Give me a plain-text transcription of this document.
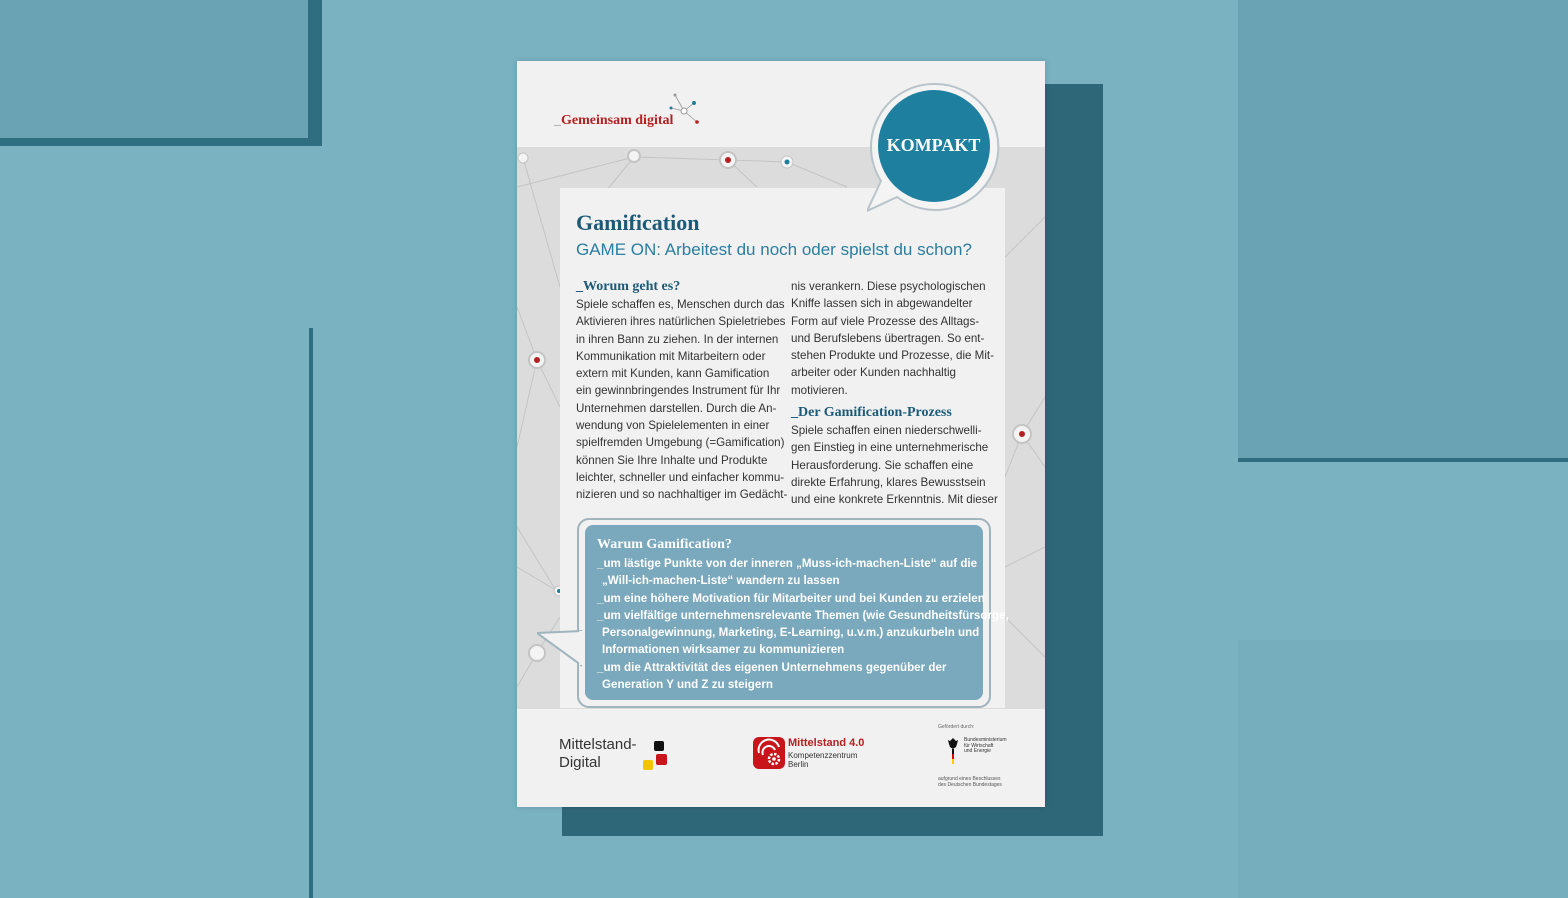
_Gemeinsam digital
Gamification

GAME ON: Arbeitest du noch oder spielst du schon?

_Worum geht es?

Spiele schaffen es, Menschen durch das
Aktivieren ihres natürlichen Spieletriebes
in ihren Bann zu ziehen. In der internen
Kommunikation mit Mitarbeitern oder
extern mit Kunden, kann Gamification
ein gewinnbringendes Instrument für Ihr
Unternehmen darstellen. Durch die An-
wendung von Spielelementen in einer
spielfremden Umgebung (=Gamification)
können Sie Ihre Inhalte und Produkte
leichter, schneller und einfacher kommu-
nizieren und so nachhaltiger im Gedächt-
nis verankern. Diese psychologischen
Kniffe lassen sich in abgewandelter
Form auf viele Prozesse des Alltags-
und Berufslebens übertragen. So ent-
stehen Produkte und Prozesse, die Mit-
arbeiter oder Kunden nachhaltig
motivieren.

_Der Gamification-Prozess

Spiele schaffen einen niederschwelli-
gen Einstieg in eine unternehmerische
Herausforderung. Sie schaffen eine
direkte Erfahrung, klares Bewusstsein
und eine konkrete Erkenntnis. Mit dieser

Warum Gamification?

_um lästige Punkte von der inneren „Muss-ich-machen-Liste“ auf die
„Will-ich-machen-Liste“ wandern zu lassen
_um eine höhere Motivation für Mitarbeiter und bei Kunden zu erzielen
_um vielfältige unternehmensrelevante Themen (wie Gesundheitsfürsorge,
Personalgewinnung, Marketing, E-Learning, u.v.m.) anzukurbeln und
Informationen wirksamer zu kommunizieren
_um die Attraktivität des eigenen Unternehmens gegenüber der
Generation Y und Z zu steigern
KOMPAKT
Mittelstand-
Digital
Mittelstand 4.0
Kompetenzzentrum
Berlin
Gefördert durch:
Bundesministerium
für Wirtschaft
und Energie
aufgrund eines Beschlusses
des Deutschen Bundestages
